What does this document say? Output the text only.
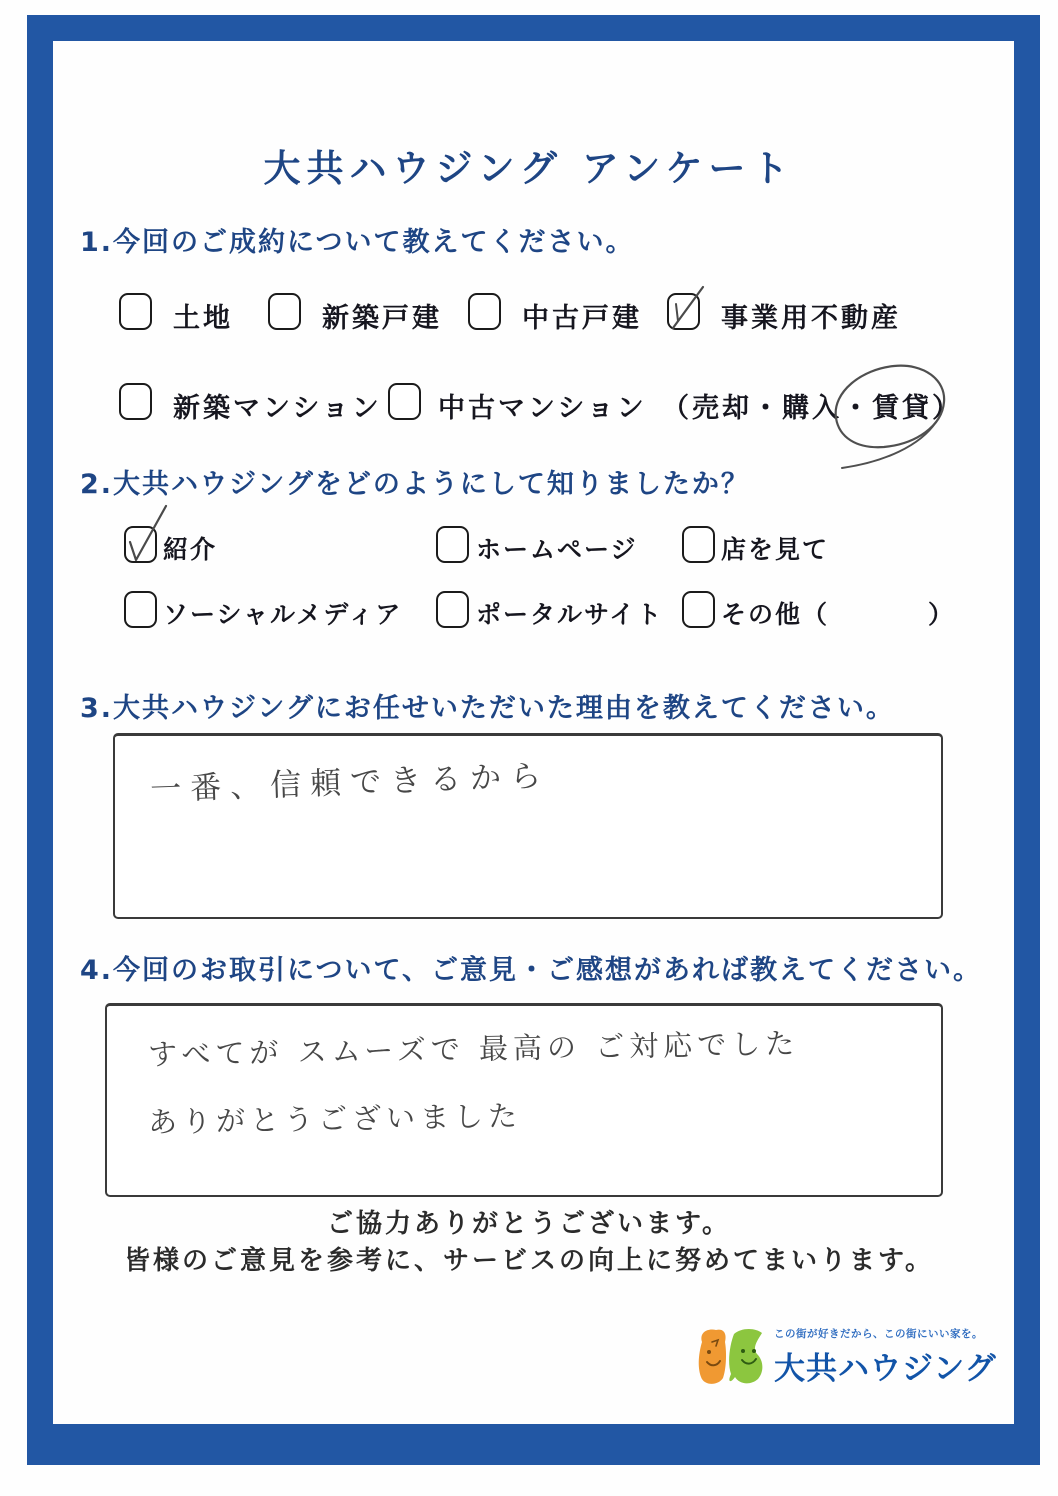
大共ハウジング アンケート
1.今回のご成約について教えてください。
土地	新築戸建	中古戸建	事業用不動産
新築マンション 中古マンション （売却・購入・賃貸）
2.大共ハウジングをどのようにして知りましたか？
紹介	ホームページ	店を見て
ソーシャルメディア	ポータルサイト その他（	）
3.大共ハウジングにお任せいただいた理由を教えてください。
一番、信頼できるから
4.今回のお取引について、ご意見・ご感想があれば教えてください。
すべてが スムーズで 最高の ご対応でした
ありがとうございました
ご協力ありがとうございます。
皆様のご意見を参考に、サービスの向上に努めてまいります。
この街が好きだから、この街にいい家を。
大共ハウジング
